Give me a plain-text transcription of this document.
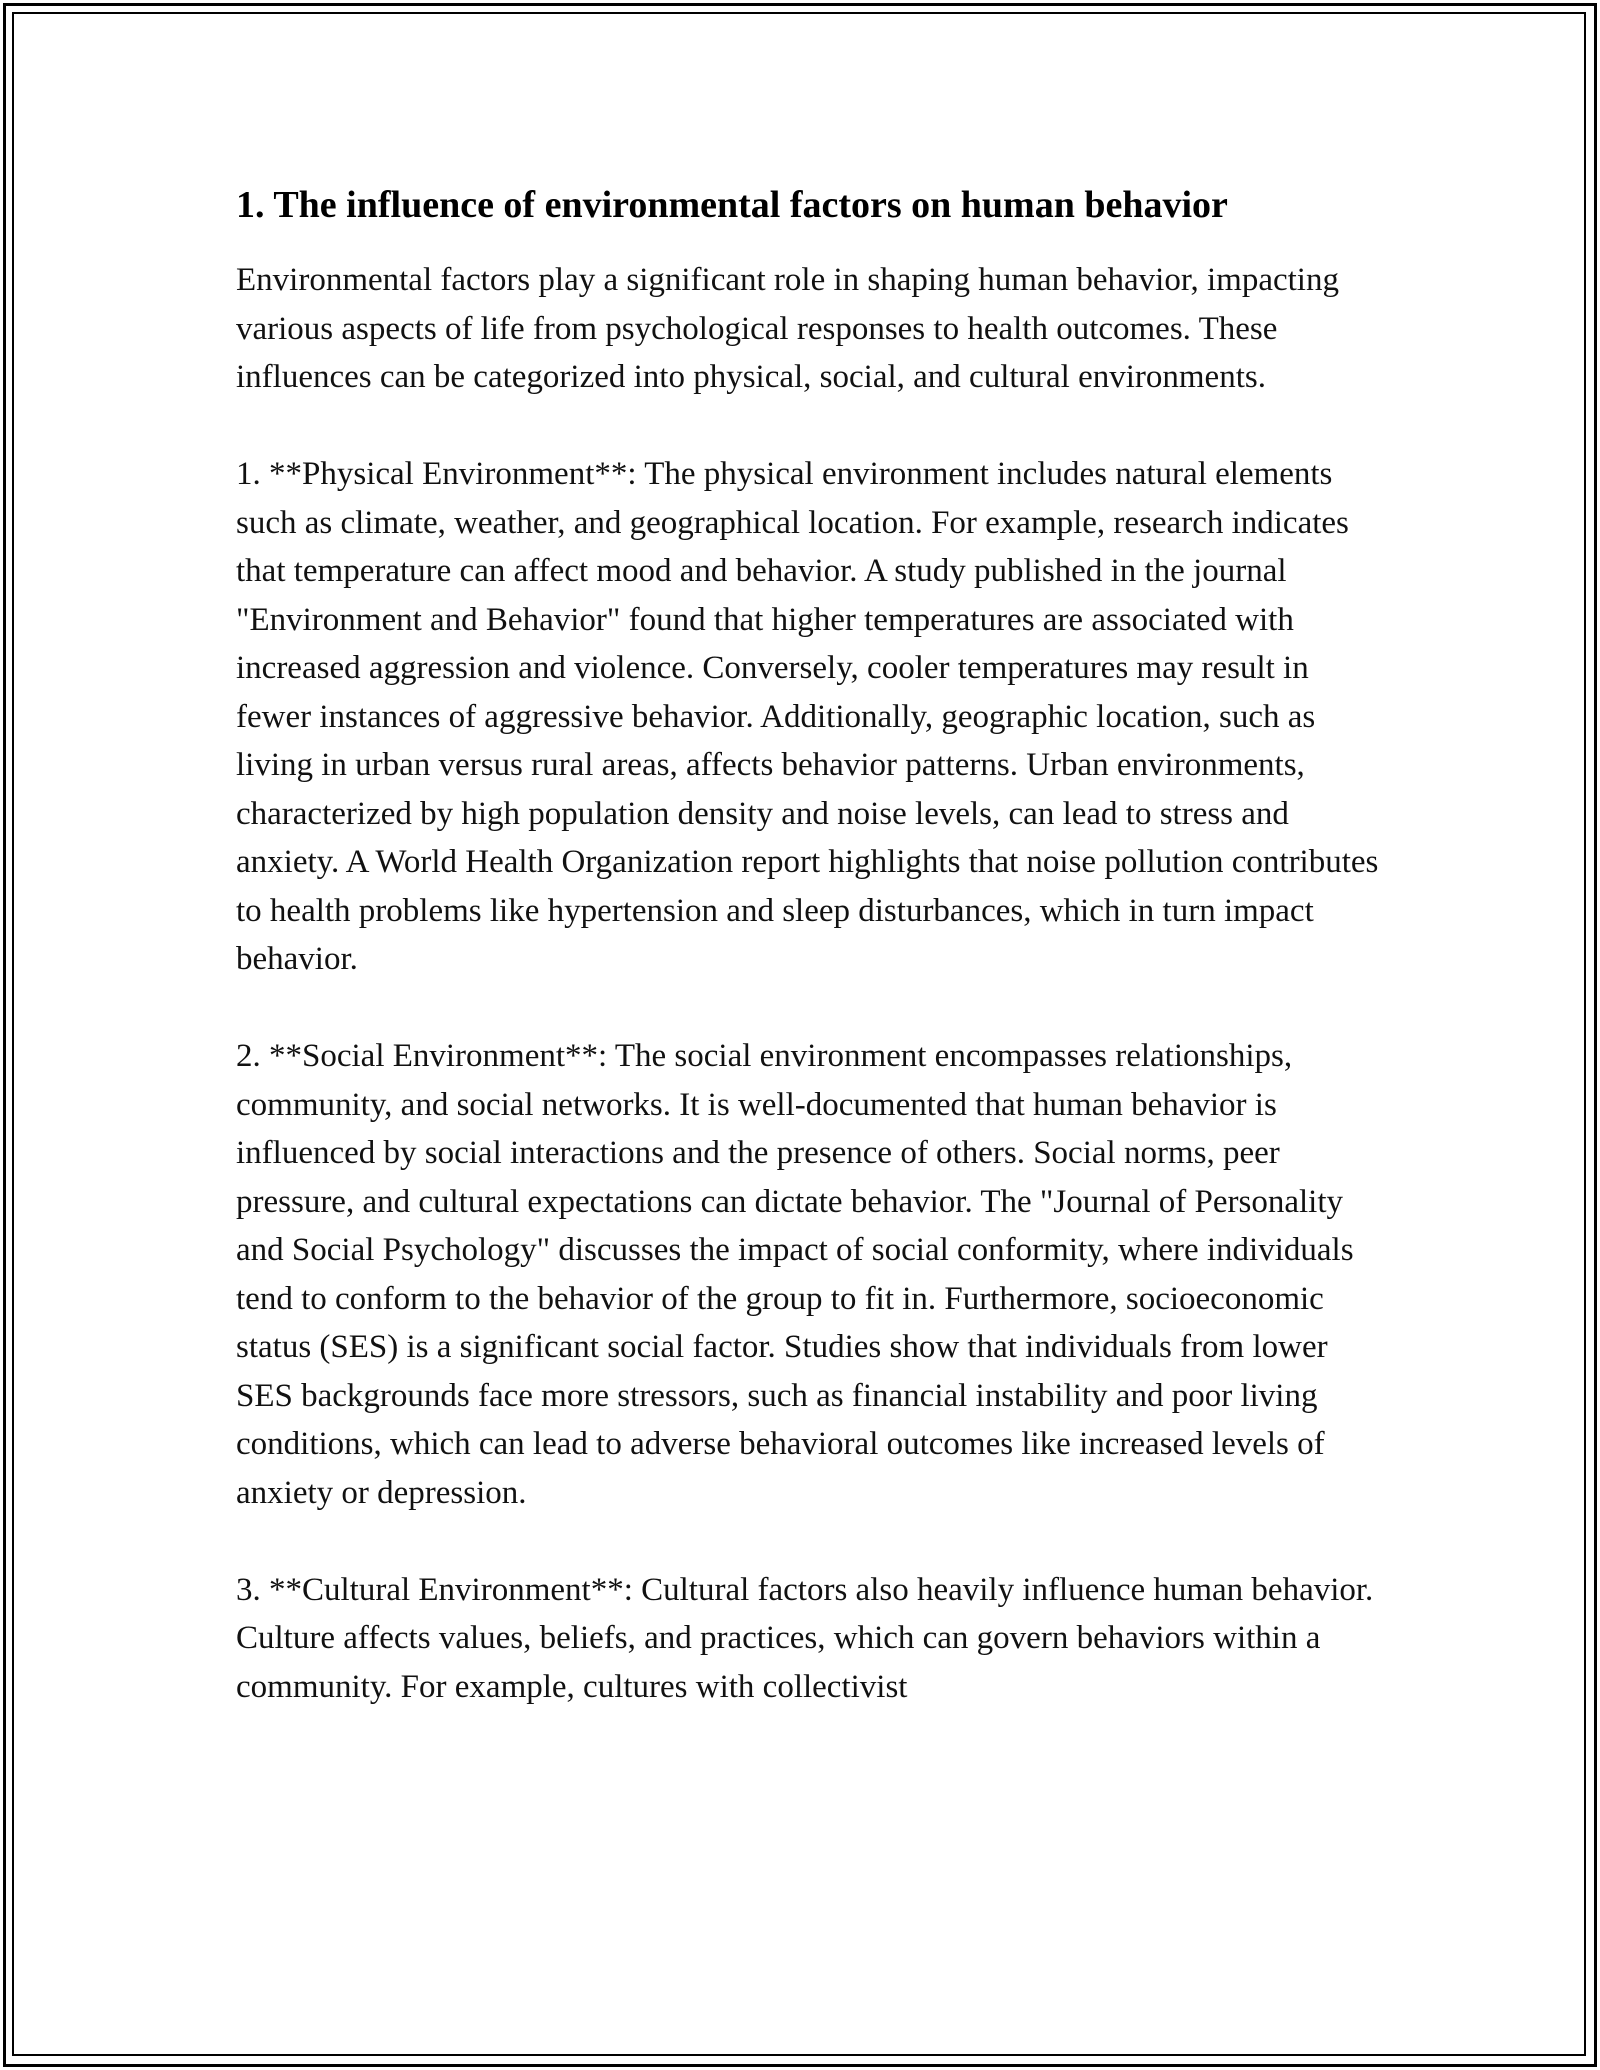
1. The influence of environmental factors on human behavior

Environmental factors play a significant role in shaping human behavior, impacting various aspects of life from psychological responses to health outcomes. These influences can be categorized into physical, social, and cultural environments.

1. **Physical Environment**: The physical environment includes natural elements such as climate, weather, and geographical location. For example, research indicates that temperature can affect mood and behavior. A study published in the journal "Environment and Behavior" found that higher temperatures are associated with increased aggression and violence. Conversely, cooler temperatures may result in fewer instances of aggressive behavior. Additionally, geographic location, such as living in urban versus rural areas, affects behavior patterns. Urban environments, characterized by high population density and noise levels, can lead to stress and anxiety. A World Health Organization report highlights that noise pollution contributes to health problems like hypertension and sleep disturbances, which in turn impact behavior.

2. **Social Environment**: The social environment encompasses relationships, community, and social networks. It is well-documented that human behavior is influenced by social interactions and the presence of others. Social norms, peer pressure, and cultural expectations can dictate behavior. The "Journal of Personality and Social Psychology" discusses the impact of social conformity, where individuals tend to conform to the behavior of the group to fit in. Furthermore, socioeconomic status (SES) is a significant social factor. Studies show that individuals from lower SES backgrounds face more stressors, such as financial instability and poor living conditions, which can lead to adverse behavioral outcomes like increased levels of anxiety or depression.

3. **Cultural Environment**: Cultural factors also heavily influence human behavior. Culture affects values, beliefs, and practices, which can govern behaviors within a community. For example, cultures with collectivist
